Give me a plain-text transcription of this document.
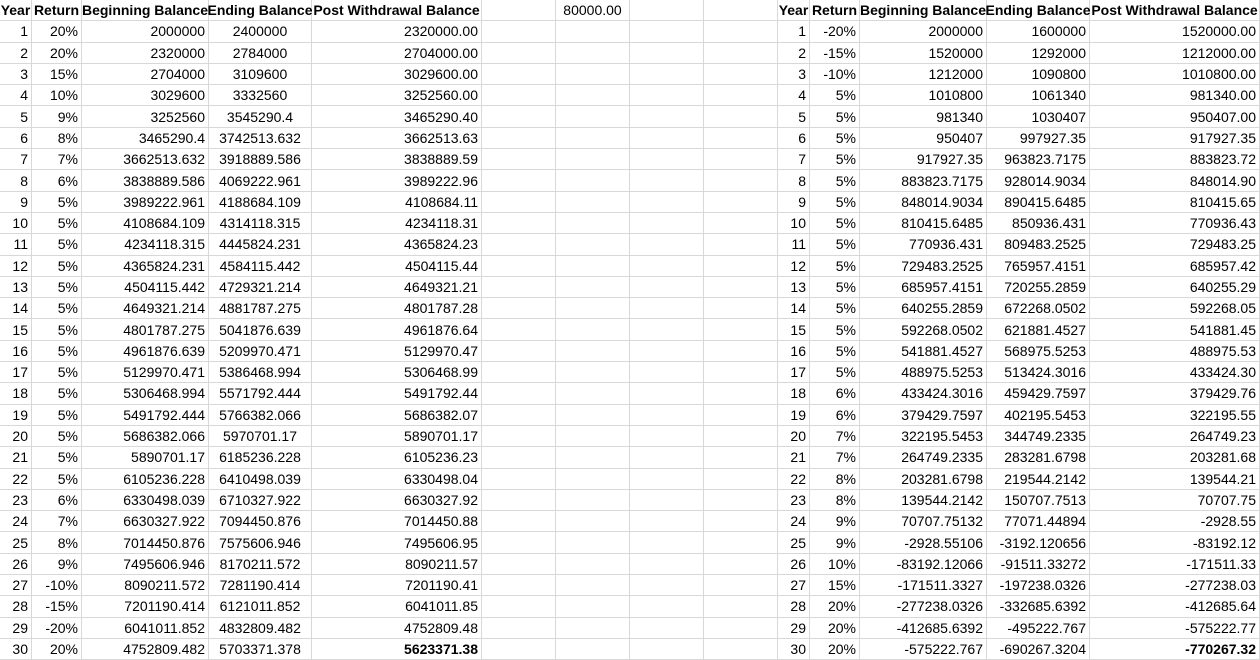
Year Return Beginning Balance Ending Balance Post Withdrawal Balance	80000.00	Year Return Beginning Balance Ending Balance Post Withdrawal Balance
1	20%	2000000	2400000	2320000.00	1	-20%	2000000	1600000	1520000.00
2	20%	2320000	2784000	2704000.00	2	-15%	1520000	1292000	1212000.00
3	15%	2704000	3109600	3029600.00	3	-10%	1212000	1090800	1010800.00
4	10%	3029600	3332560	3252560.00	4	5%	1010800	1061340	981340.00
5	9%	3252560	3545290.4	3465290.40	5	5%	981340	1030407	950407.00
6	8%	3465290.4	3742513.632	3662513.63	6	5%	950407	997927.35	917927.35
7	7%	3662513.632	3918889.586	3838889.59	7	5%	917927.35	963823.7175	883823.72
8	6%	3838889.586	4069222.961	3989222.96	8	5%	883823.7175	928014.9034	848014.90
9	5%	3989222.961	4188684.109	4108684.11	9	5%	848014.9034	890415.6485	810415.65
10	5%	4108684.109	4314118.315	4234118.31	10	5%	810415.6485	850936.431	770936.43
11	5%	4234118.315	4445824.231	4365824.23	11	5%	770936.431	809483.2525	729483.25
12	5%	4365824.231	4584115.442	4504115.44	12	5%	729483.2525	765957.4151	685957.42
13	5%	4504115.442	4729321.214	4649321.21	13	5%	685957.4151	720255.2859	640255.29
14	5%	4649321.214	4881787.275	4801787.28	14	5%	640255.2859	672268.0502	592268.05
15	5%	4801787.275	5041876.639	4961876.64	15	5%	592268.0502	621881.4527	541881.45
16	5%	4961876.639	5209970.471	5129970.47	16	5%	541881.4527	568975.5253	488975.53
17	5%	5129970.471	5386468.994	5306468.99	17	5%	488975.5253	513424.3016	433424.30
18	5%	5306468.994	5571792.444	5491792.44	18	6%	433424.3016	459429.7597	379429.76
19	5%	5491792.444	5766382.066	5686382.07	19	6%	379429.7597	402195.5453	322195.55
20	5%	5686382.066	5970701.17	5890701.17	20	7%	322195.5453	344749.2335	264749.23
21	5%	5890701.17	6185236.228	6105236.23	21	7%	264749.2335	283281.6798	203281.68
22	5%	6105236.228	6410498.039	6330498.04	22	8%	203281.6798	219544.2142	139544.21
23	6%	6330498.039	6710327.922	6630327.92	23	8%	139544.2142	150707.7513	70707.75
24	7%	6630327.922	7094450.876	7014450.88	24	9%	70707.75132	77071.44894	-2928.55
25	8%	7014450.876	7575606.946	7495606.95	25	9%	-2928.55106	-3192.120656	-83192.12
26	9%	7495606.946	8170211.572	8090211.57	26	10%	-83192.12066	-91511.33272	-171511.33
27	-10%	8090211.572	7281190.414	7201190.41	27	15%	-171511.3327	-197238.0326	-277238.03
28	-15%	7201190.414	6121011.852	6041011.85	28	20%	-277238.0326	-332685.6392	-412685.64
29	-20%	6041011.852	4832809.482	4752809.48	29	20%	-412685.6392	-495222.767	-575222.77
30	20%	4752809.482	5703371.378	5623371.38	30	20%	-575222.767	-690267.3204	-770267.32
